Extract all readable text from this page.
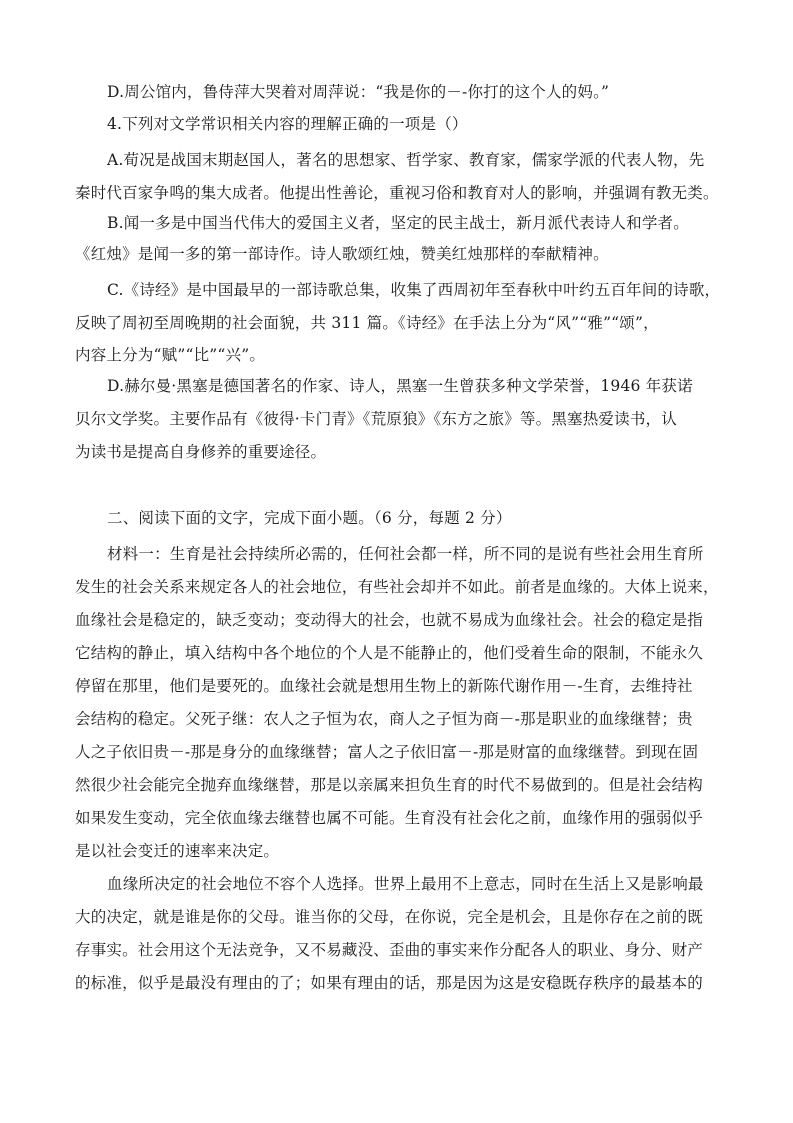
D.周公馆内，鲁侍萍大哭着对周萍说：“我是你的－-你打的这个人的妈。”
4.下列对文学常识相关内容的理解正确的一项是（）
A.荀况是战国末期赵国人，著名的思想家、哲学家、教育家，儒家学派的代表人物，先
秦时代百家争鸣的集大成者。他提出性善论，重视习俗和教育对人的影响，并强调有教无类。
B.闻一多是中国当代伟大的爱国主义者，坚定的民主战士，新月派代表诗人和学者。
《红烛》是闻一多的第一部诗作。诗人歌颂红烛，赞美红烛那样的奉献精神。
C.《诗经》是中国最早的一部诗歌总集，收集了西周初年至春秋中叶约五百年间的诗歌，
反映了周初至周晚期的社会面貌，共 311 篇。《诗经》在手法上分为“风”“雅”“颂”，
内容上分为“赋”“比”“兴”。
D.赫尔曼·黑塞是德国著名的作家、诗人，黑塞一生曾获多种文学荣誉，1946 年获诺
贝尔文学奖。主要作品有《彼得·卡门青》《荒原狼》《东方之旅》等。黑塞热爱读书，认
为读书是提高自身修养的重要途径。
二、阅读下面的文字，完成下面小题。（6 分，每题 2 分）
材料一：生育是社会持续所必需的，任何社会都一样，所不同的是说有些社会用生育所
发生的社会关系来规定各人的社会地位，有些社会却并不如此。前者是血缘的。大体上说来，
血缘社会是稳定的，缺乏变动；变动得大的社会，也就不易成为血缘社会。社会的稳定是指
它结构的静止，填入结构中各个地位的个人是不能静止的，他们受着生命的限制，不能永久
停留在那里，他们是要死的。血缘社会就是想用生物上的新陈代谢作用－-生育，去维持社
会结构的稳定。父死子继：农人之子恒为农，商人之子恒为商－-那是职业的血缘继替；贵
人之子依旧贵－-那是身分的血缘继替；富人之子依旧富－-那是财富的血缘继替。到现在固
然很少社会能完全抛弃血缘继替，那是以亲属来担负生育的时代不易做到的。但是社会结构
如果发生变动，完全依血缘去继替也属不可能。生育没有社会化之前，血缘作用的强弱似乎
是以社会变迁的速率来决定。
血缘所决定的社会地位不容个人选择。世界上最用不上意志，同时在生活上又是影响最
大的决定，就是谁是你的父母。谁当你的父母，在你说，完全是机会，且是你存在之前的既
存事实。社会用这个无法竞争，又不易藏没、歪曲的事实来作分配各人的职业、身分、财产
的标准，似乎是最没有理由的了；如果有理由的话，那是因为这是安稳既存秩序的最基本的
